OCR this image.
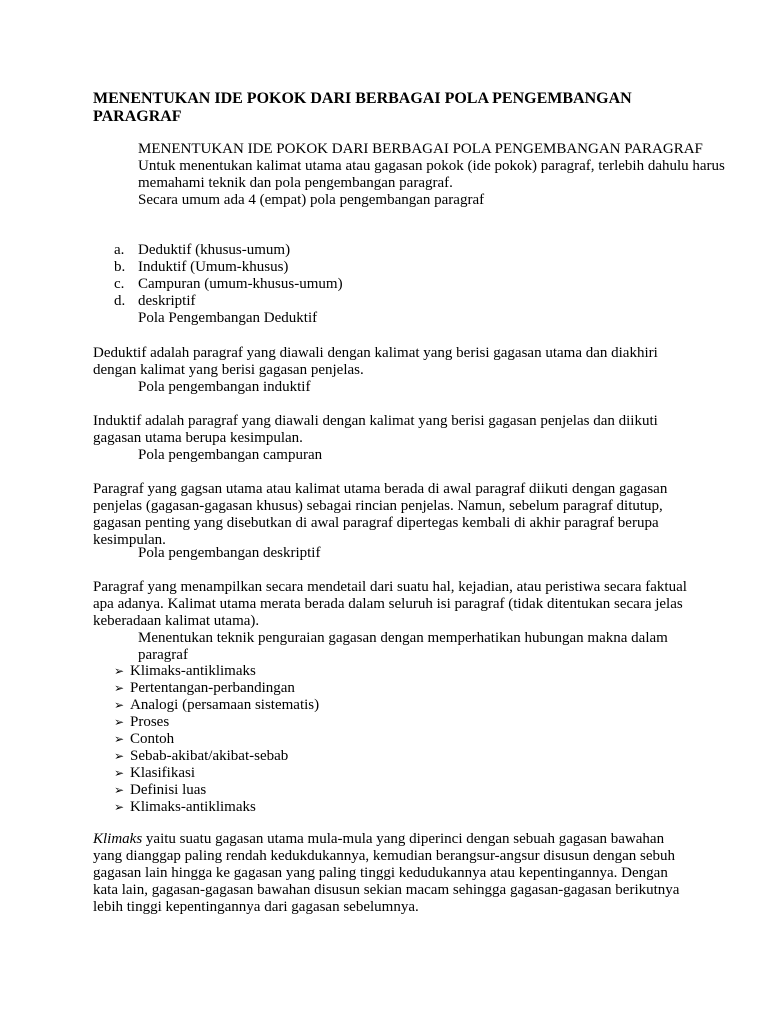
MENENTUKAN IDE POKOK DARI BERBAGAI POLA PENGEMBANGAN PARAGRAF

MENENTUKAN IDE POKOK DARI BERBAGAI POLA PENGEMBANGAN PARAGRAF

Untuk menentukan kalimat utama atau gagasan pokok (ide pokok) paragraf, terlebih dahulu harus memahami teknik dan pola pengembangan paragraf.

Secara umum ada 4 (empat) pola pengembangan paragraf

a. Deduktif (khusus-umum)
b. Induktif (Umum-khusus)
c. Campuran (umum-khusus-umum)
d. deskriptif
Pola Pengembangan Deduktif

Deduktif adalah paragraf yang diawali dengan kalimat yang berisi gagasan utama dan diakhiri dengan kalimat yang berisi gagasan penjelas.

Pola pengembangan induktif

Induktif adalah paragraf yang diawali dengan kalimat yang berisi gagasan penjelas dan diikuti gagasan utama berupa kesimpulan.

Pola pengembangan campuran

Paragraf yang gagsan utama atau kalimat utama berada di awal paragraf diikuti dengan gagasan penjelas (gagasan-gagasan khusus) sebagai rincian penjelas. Namun, sebelum paragraf ditutup, gagasan penting yang disebutkan di awal paragraf dipertegas kembali di akhir paragraf berupa kesimpulan.

Pola pengembangan deskriptif

Paragraf yang menampilkan secara mendetail dari suatu hal, kejadian, atau peristiwa secara faktual apa adanya. Kalimat utama merata berada dalam seluruh isi paragraf (tidak ditentukan secara jelas keberadaan kalimat utama).

Menentukan teknik penguraian gagasan dengan memperhatikan hubungan makna dalam paragraf

➢ Klimaks-antiklimaks
➢ Pertentangan-perbandingan
➢ Analogi (persamaan sistematis)
➢ Proses
➢ Contoh
➢ Sebab-akibat/akibat-sebab
➢ Klasifikasi
➢ Definisi luas
➢ Klimaks-antiklimaks

Klimaks yaitu suatu gagasan utama mula-mula yang diperinci dengan sebuah gagasan bawahan yang dianggap paling rendah kedukdukannya, kemudian berangsur-angsur disusun dengan sebuh gagasan lain hingga ke gagasan yang paling tinggi kedudukannya atau kepentingannya. Dengan kata lain, gagasan-gagasan bawahan disusun sekian macam sehingga gagasan-gagasan berikutnya lebih tinggi kepentingannya dari gagasan sebelumnya.
